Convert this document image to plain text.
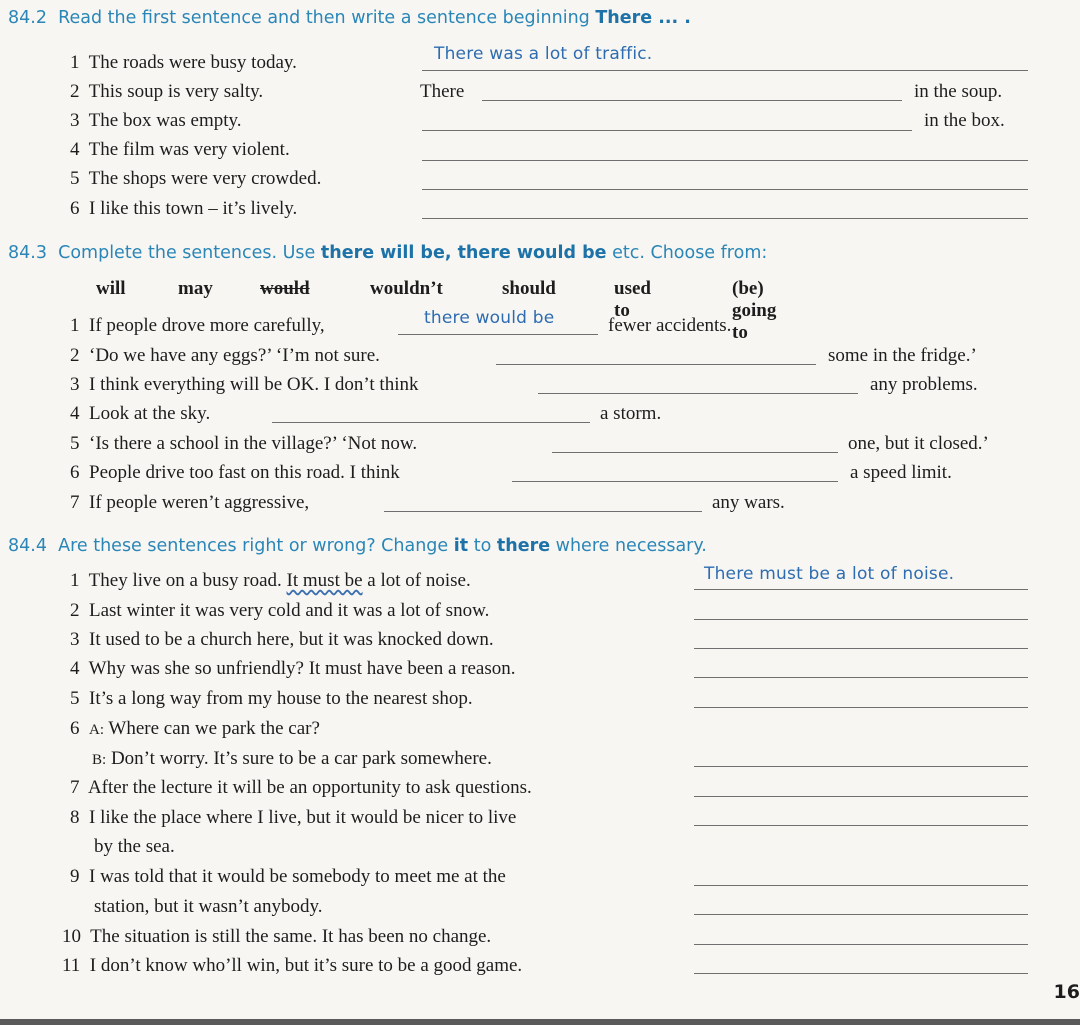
84.2 Read the first sentence and then write a sentence beginning There ... .
1 The roads were busy today.	There was a lot of traffic.
2 This soup is very salty.	There	in the soup.
3 The box was empty.	in the box.
4 The film was very violent.
5 The shops were very crowded.
6 I like this town – it’s lively.
84.3 Complete the sentences. Use there will be, there would be etc. Choose from:
will	may would	wouldn’t	should	used to
(be) going to
1 If people drove more carefully,	there would be	fewer accidents.
2 ‘Do we have any eggs?’ ‘I’m not sure.	some in the fridge.’
3 I think everything will be OK. I don’t think	any problems.
4 Look at the sky.	a storm.
5 ‘Is there a school in the village?’ ‘Not now.	one, but it closed.’
6 People drive too fast on this road. I think	a speed limit.
7 If people weren’t aggressive,	any wars.
84.4 Are these sentences right or wrong? Change it to there where necessary.
1 They live on a busy road. It must be a lot of noise.	There must be a lot of noise.
2 Last winter it was very cold and it was a lot of snow.
3 It used to be a church here, but it was knocked down.
4 Why was she so unfriendly? It must have been a reason.
5 It’s a long way from my house to the nearest shop.
6 A: Where can we park the car?
B: Don’t worry. It’s sure to be a car park somewhere.
7 After the lecture it will be an opportunity to ask questions.
8 I like the place where I live, but it would be nicer to live
by the sea.
9 I was told that it would be somebody to meet me at the
station, but it wasn’t anybody.
10 The situation is still the same. It has been no change.
11 I don’t know who’ll win, but it’s sure to be a good game.
16
